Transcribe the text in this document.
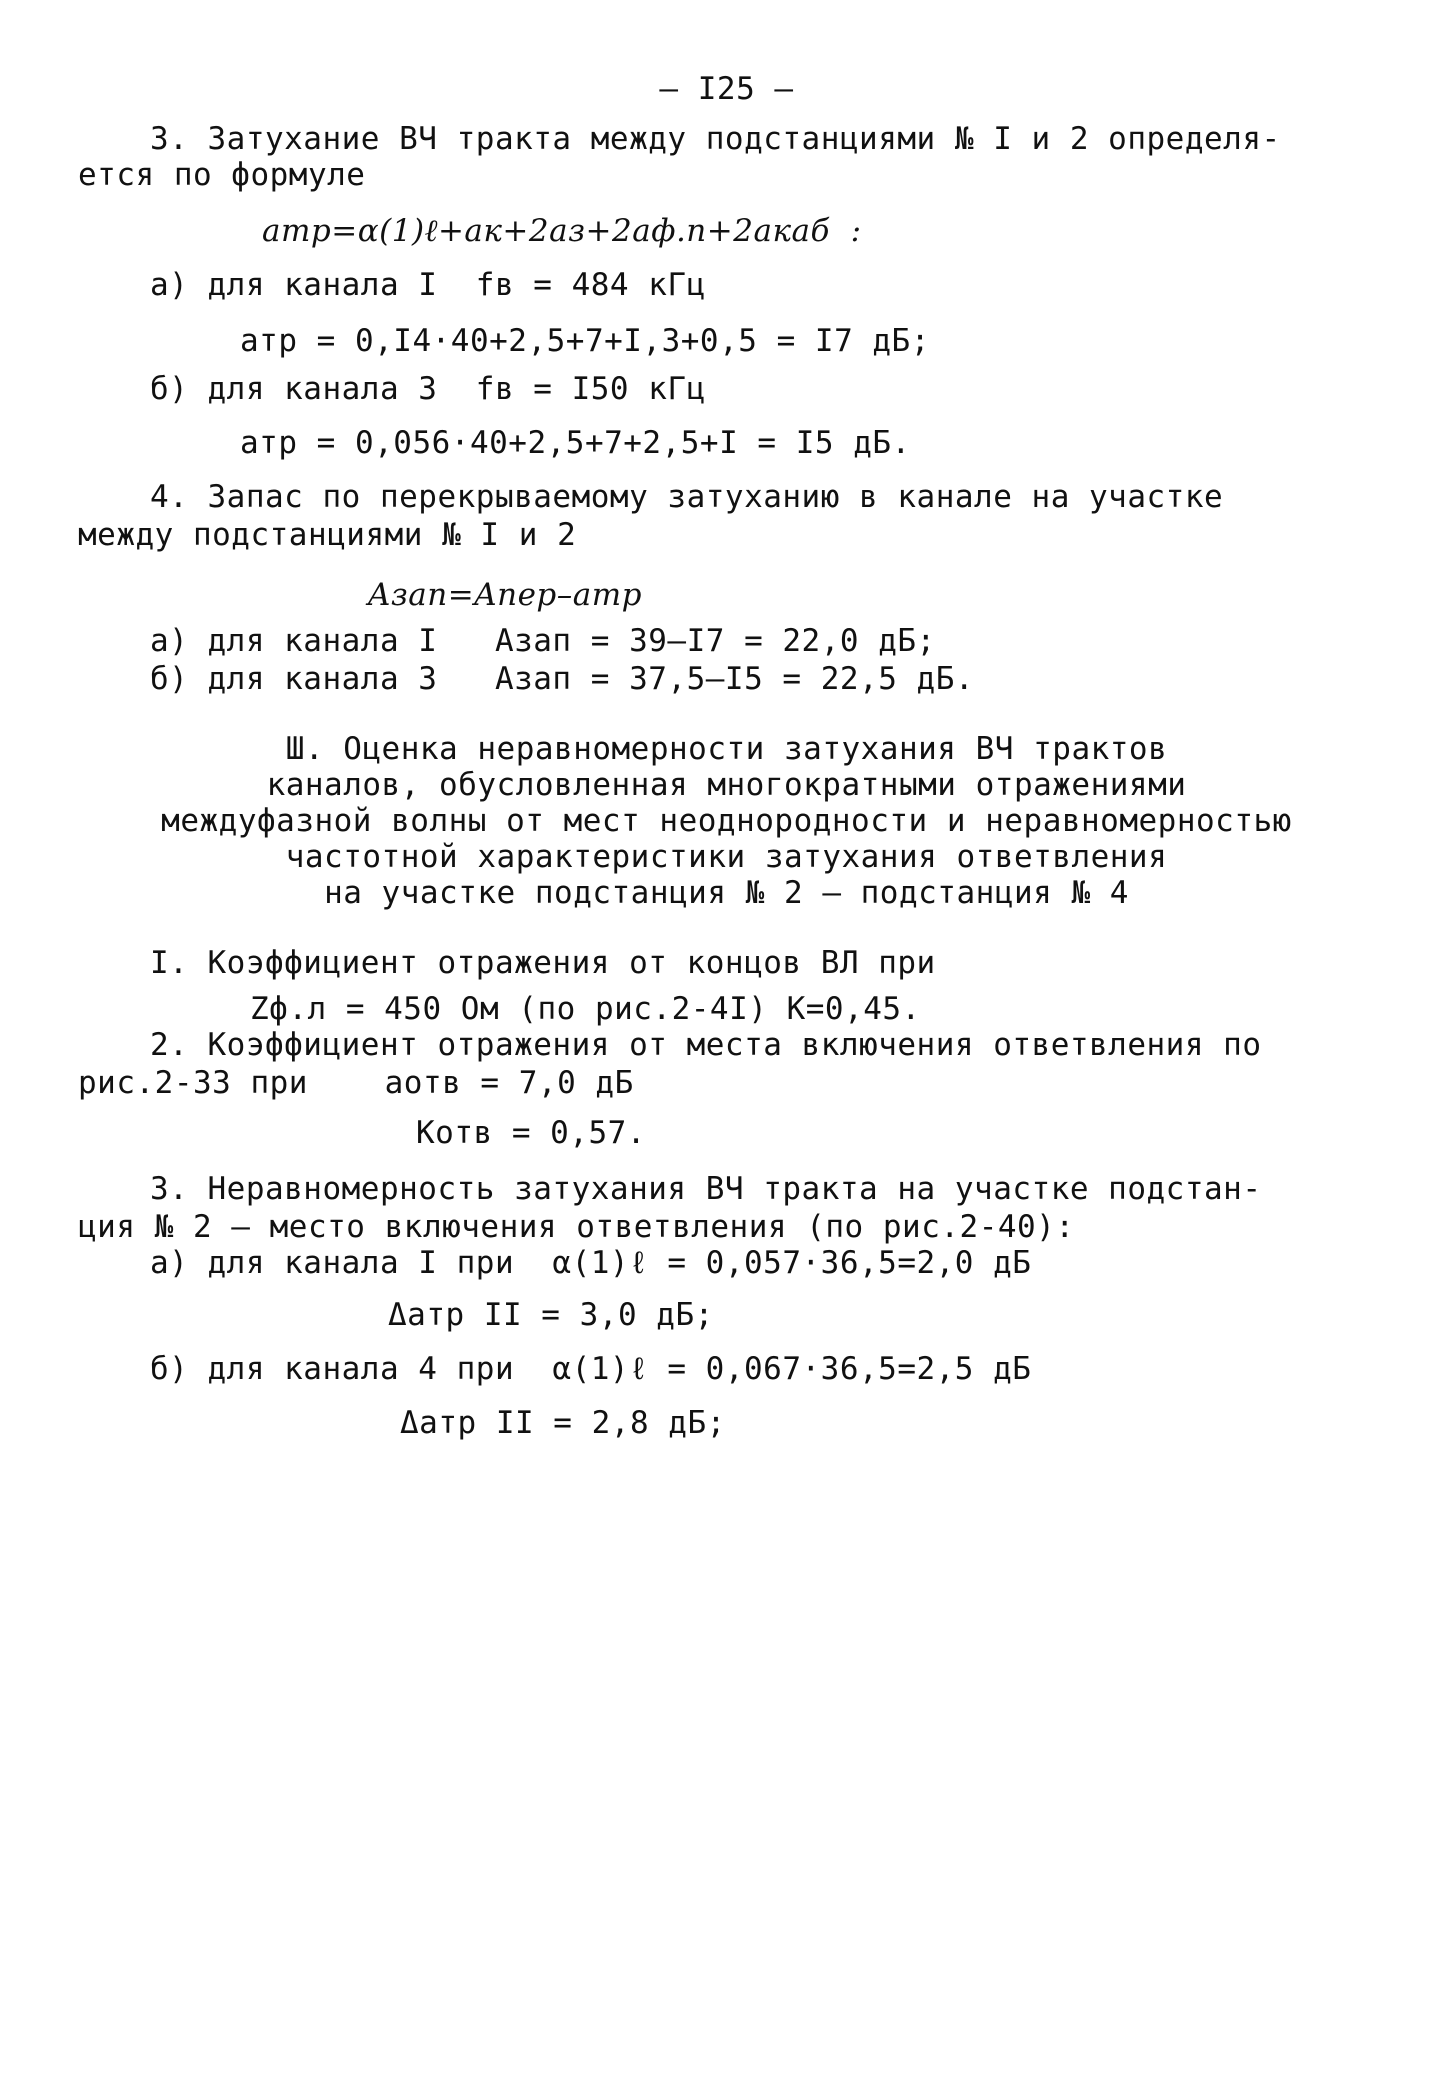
– I25 –
3. Затухание ВЧ тракта между подстанциями № I и 2 определя-
ется по формуле
aтр=α(1)ℓ+aк+2aз+2aф.п+2aкаб  :
а) для канала I  fв = 484 кГц
aтр = 0,I4·40+2,5+7+I,3+0,5 = I7 дБ;
б) для канала 3  fв = I50 кГц
aтр = 0,056·40+2,5+7+2,5+I = I5 дБ.
4. Запас по перекрываемому затуханию в канале на участке
между подстанциями № I и 2
Aзап=Aпер–aтр
а) для канала I   Aзап = 39–I7 = 22,0 дБ;
б) для канала 3   Aзап = 37,5–I5 = 22,5 дБ.
Ш. Оценка неравномерности затухания ВЧ трактов
каналов, обусловленная многократными отражениями
междуфазной волны от мест неоднородности и неравномерностью
частотной характеристики затухания ответвления
на участке подстанция № 2 – подстанция № 4
I. Коэффициент отражения от концов ВЛ при
Zф.л = 450 Ом (по рис.2-4I) K=0,45.
2. Коэффициент отражения от места включения ответвления по
рис.2-33 при    aотв = 7,0 дБ
Kотв = 0,57.
3. Неравномерность затухания ВЧ тракта на участке подстан-
ция № 2 – место включения ответвления (по рис.2-40):
а) для канала I при  α(1)ℓ = 0,057·36,5=2,0 дБ
Δaтр II = 3,0 дБ;
б) для канала 4 при  α(1)ℓ = 0,067·36,5=2,5 дБ
Δaтр II = 2,8 дБ;
